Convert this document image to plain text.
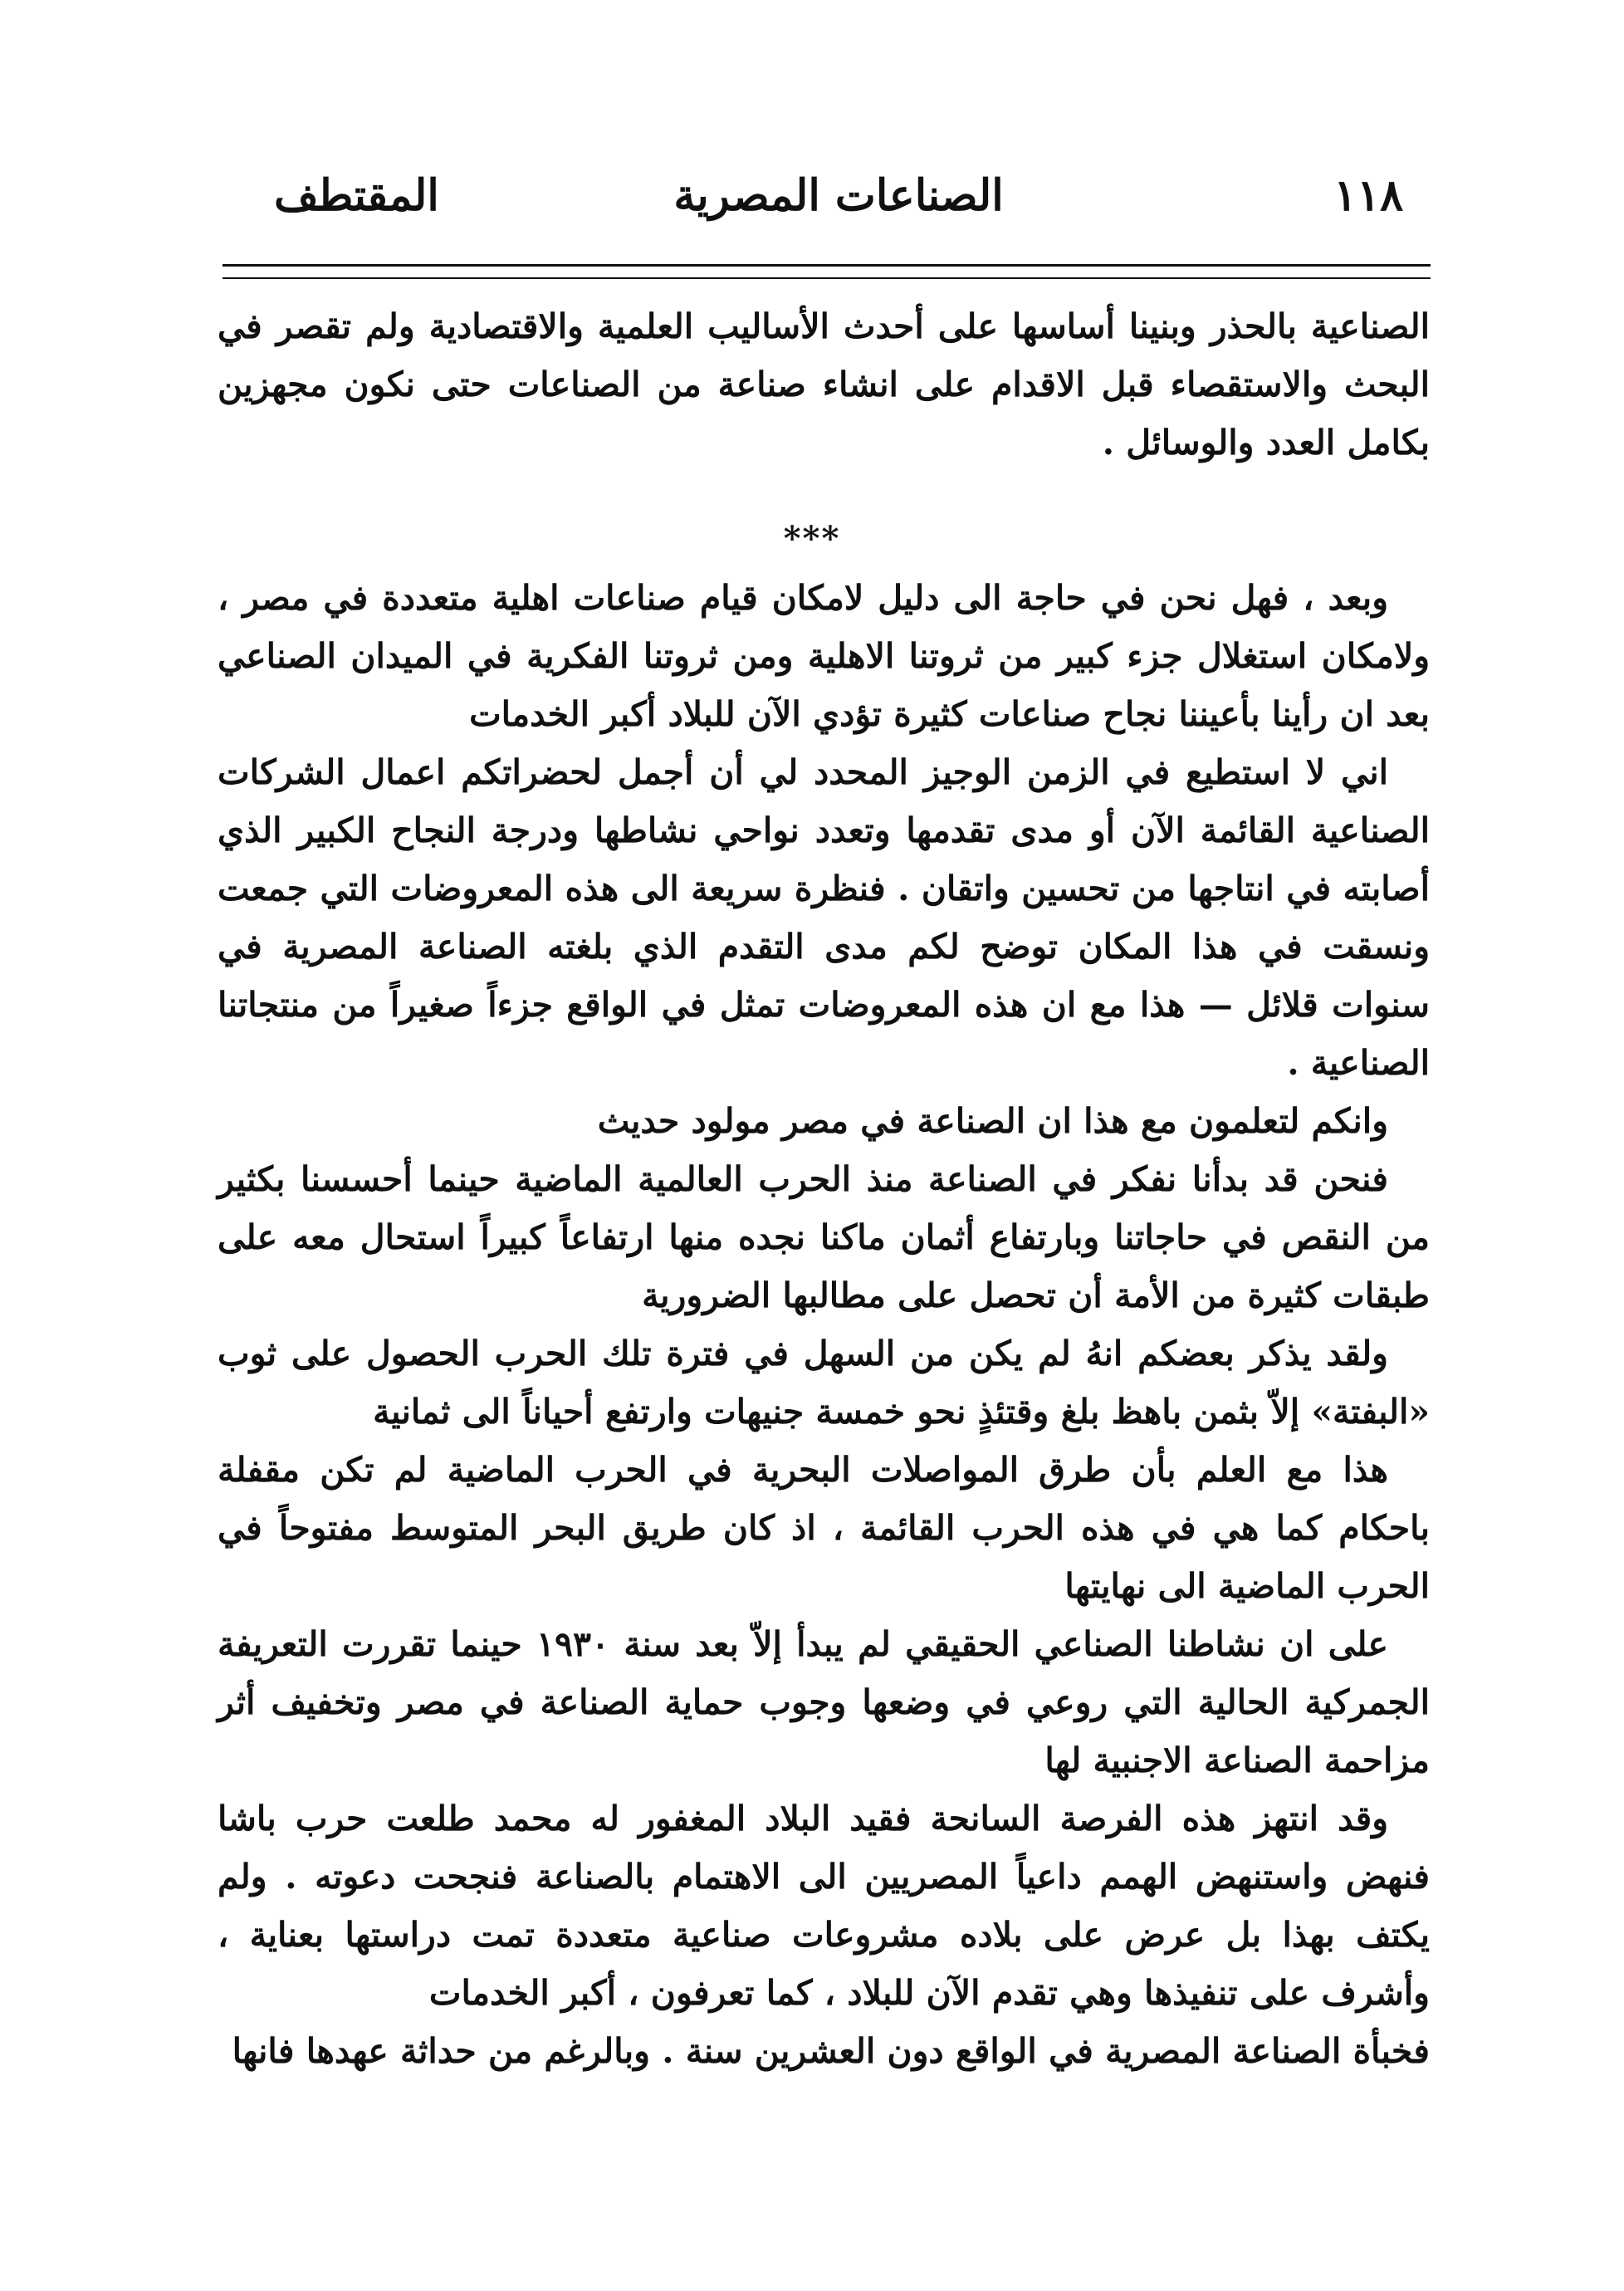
١١٨
الصناعات المصرية
المقتطف

الصناعية بالحذر وبنينا أساسها على أحدث الأساليب العلمية والاقتصادية ولم تقصر في البحث والاستقصاء قبل الاقدام على انشاء صناعة من الصناعات حتى نكون مجهزين بكامل العدد والوسائل .

***

وبعد ، فهل نحن في حاجة الى دليل لامكان قيام صناعات اهلية متعددة في مصر ، ولامكان استغلال جزء كبير من ثروتنا الاهلية ومن ثروتنا الفكرية في الميدان الصناعي بعد ان رأينا بأعيننا نجاح صناعات كثيرة تؤدي الآن للبلاد أكبر الخدمات

اني لا استطيع في الزمن الوجيز المحدد لي أن أجمل لحضراتكم اعمال الشركات الصناعية القائمة الآن أو مدى تقدمها وتعدد نواحي نشاطها ودرجة النجاح الكبير الذي أصابته في انتاجها من تحسين واتقان . فنظرة سريعة الى هذه المعروضات التي جمعت ونسقت في هذا المكان توضح لكم مدى التقدم الذي بلغته الصناعة المصرية في سنوات قلائل — هذا مع ان هذه المعروضات تمثل في الواقع جزءاً صغيراً من منتجاتنا الصناعية .

وانكم لتعلمون مع هذا ان الصناعة في مصر مولود حديث

فنحن قد بدأنا نفكر في الصناعة منذ الحرب العالمية الماضية حينما أحسسنا بكثير من النقص في حاجاتنا وبارتفاع أثمان ماكنا نجده منها ارتفاعاً كبيراً استحال معه على طبقات كثيرة من الأمة أن تحصل على مطالبها الضرورية

ولقد يذكر بعضكم انهُ لم يكن من السهل في فترة تلك الحرب الحصول على ثوب «البفتة» إلاّ بثمن باهظ بلغ وقتئذٍ نحو خمسة جنيهات وارتفع أحياناً الى ثمانية

هذا مع العلم بأن طرق المواصلات البحرية في الحرب الماضية لم تكن مقفلة باحكام كما هي في هذه الحرب القائمة ، اذ كان طريق البحر المتوسط مفتوحاً في الحرب الماضية الى نهايتها

على ان نشاطنا الصناعي الحقيقي لم يبدأ إلاّ بعد سنة ١٩٣٠ حينما تقررت التعريفة الجمركية الحالية التي روعي في وضعها وجوب حماية الصناعة في مصر وتخفيف أثر مزاحمة الصناعة الاجنبية لها

وقد انتهز هذه الفرصة السانحة فقيد البلاد المغفور له محمد طلعت حرب باشا فنهض واستنهض الهمم داعياً المصريين الى الاهتمام بالصناعة فنجحت دعوته . ولم يكتف بهذا بل عرض على بلاده مشروعات صناعية متعددة تمت دراستها بعناية ، وأشرف على تنفيذها وهي تقدم الآن للبلاد ، كما تعرفون ، أكبر الخدمات

فخبأة الصناعة المصرية في الواقع دون العشرين سنة . وبالرغم من حداثة عهدها فانها
